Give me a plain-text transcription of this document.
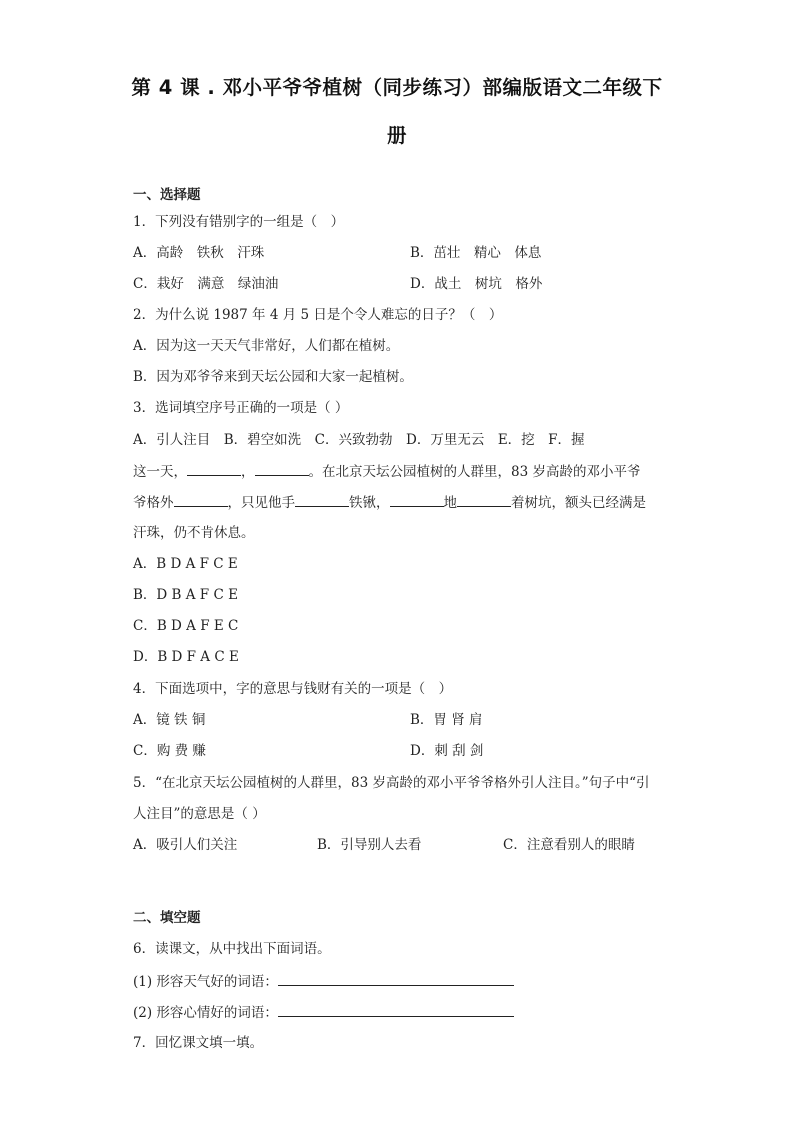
第 4 课 . 邓小平爷爷植树（同步练习）部编版语文二年级下
册
一、选择题
1．下列没有错别字的一组是（　）
A．高龄　铁秋　汗珠	B．茁壮　精心　体息
C．栽好　满意　绿油油	D．战土　树坑　格外
2．为什么说 1987 年 4 月 5 日是个令人难忘的日子？（　）
A．因为这一天天气非常好，人们都在植树。
B．因为邓爷爷来到天坛公园和大家一起植树。
3．选词填空序号正确的一项是（ ）
A．引人注目　B．碧空如洗　C．兴致勃勃　D．万里无云　E．挖　F．握
这一天，	，	。在北京天坛公园植树的人群里，83 岁高龄的邓小平爷
爷格外	，只见他手	铁锹，	地	着树坑，额头已经满是
汗珠，仍不肯休息。
A．B D A F C E
B．D B A F C E
C．B D A F E C
D．B D F A C E
4．下面选项中，字的意思与钱财有关的一项是（　）
A．镜 铁 铜	B．胃 肾 肩
C．购 费 赚	D．刺 刮 剑
5．“在北京天坛公园植树的人群里，83 岁高龄的邓小平爷爷格外引人注目。”句子中“引
人注目”的意思是（ ）
A．吸引人们关注	B．引导别人去看	C．注意看别人的眼睛
二、填空题
6．读课文，从中找出下面词语。
(1) 形容天气好的词语：
(2) 形容心情好的词语：
7．回忆课文填一填。
